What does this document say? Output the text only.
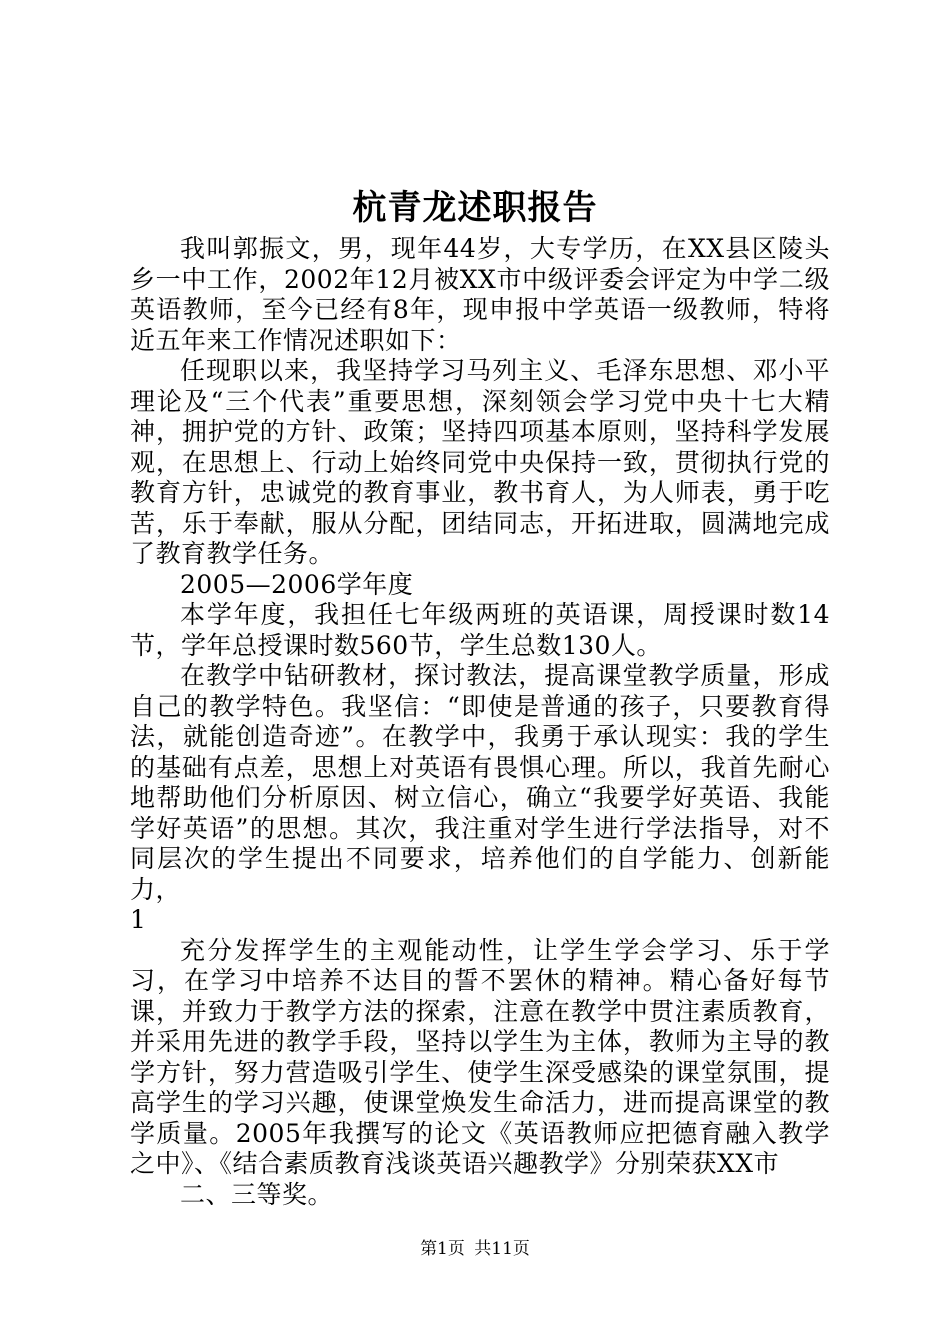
杭青龙述职报告

我叫郭振文，男，现年44岁，大专学历，在XX县区陵头乡一中工作，2002年12月被XX市中级评委会评定为中学二级英语教师，至今已经有8年，现申报中学英语一级教师，特将近五年来工作情况述职如下：

任现职以来，我坚持学习马列主义、毛泽东思想、邓小平理论及“三个代表”重要思想，深刻领会学习党中央十七大精神，拥护党的方针、政策；坚持四项基本原则，坚持科学发展观，在思想上、行动上始终同党中央保持一致，贯彻执行党的教育方针，忠诚党的教育事业，教书育人，为人师表，勇于吃苦，乐于奉献，服从分配，团结同志，开拓进取，圆满地完成了教育教学任务。

2005—2006学年度

本学年度，我担任七年级两班的英语课，周授课时数14节，学年总授课时数560节，学生总数130人。

在教学中钻研教材，探讨教法，提高课堂教学质量，形成自己的教学特色。我坚信：“即使是普通的孩子，只要教育得法，就能创造奇迹”。在教学中，我勇于承认现实：我的学生的基础有点差，思想上对英语有畏惧心理。所以，我首先耐心地帮助他们分析原因、树立信心，确立“我要学好英语、我能学好英语”的思想。其次，我注重对学生进行学法指导，对不同层次的学生提出不同要求，培养他们的自学能力、创新能力，

1

充分发挥学生的主观能动性，让学生学会学习、乐于学习，在学习中培养不达目的誓不罢休的精神。精心备好每节课，并致力于教学方法的探索，注意在教学中贯注素质教育，并采用先进的教学手段，坚持以学生为主体，教师为主导的教学方针，努力营造吸引学生、使学生深受感染的课堂氛围，提高学生的学习兴趣，使课堂焕发生命活力，进而提高课堂的教学质量。2005年我撰写的论文《英语教师应把德育融入教学之中》、《结合素质教育浅谈英语兴趣教学》分别荣获XX市

二、三等奖。

第1页 共11页
